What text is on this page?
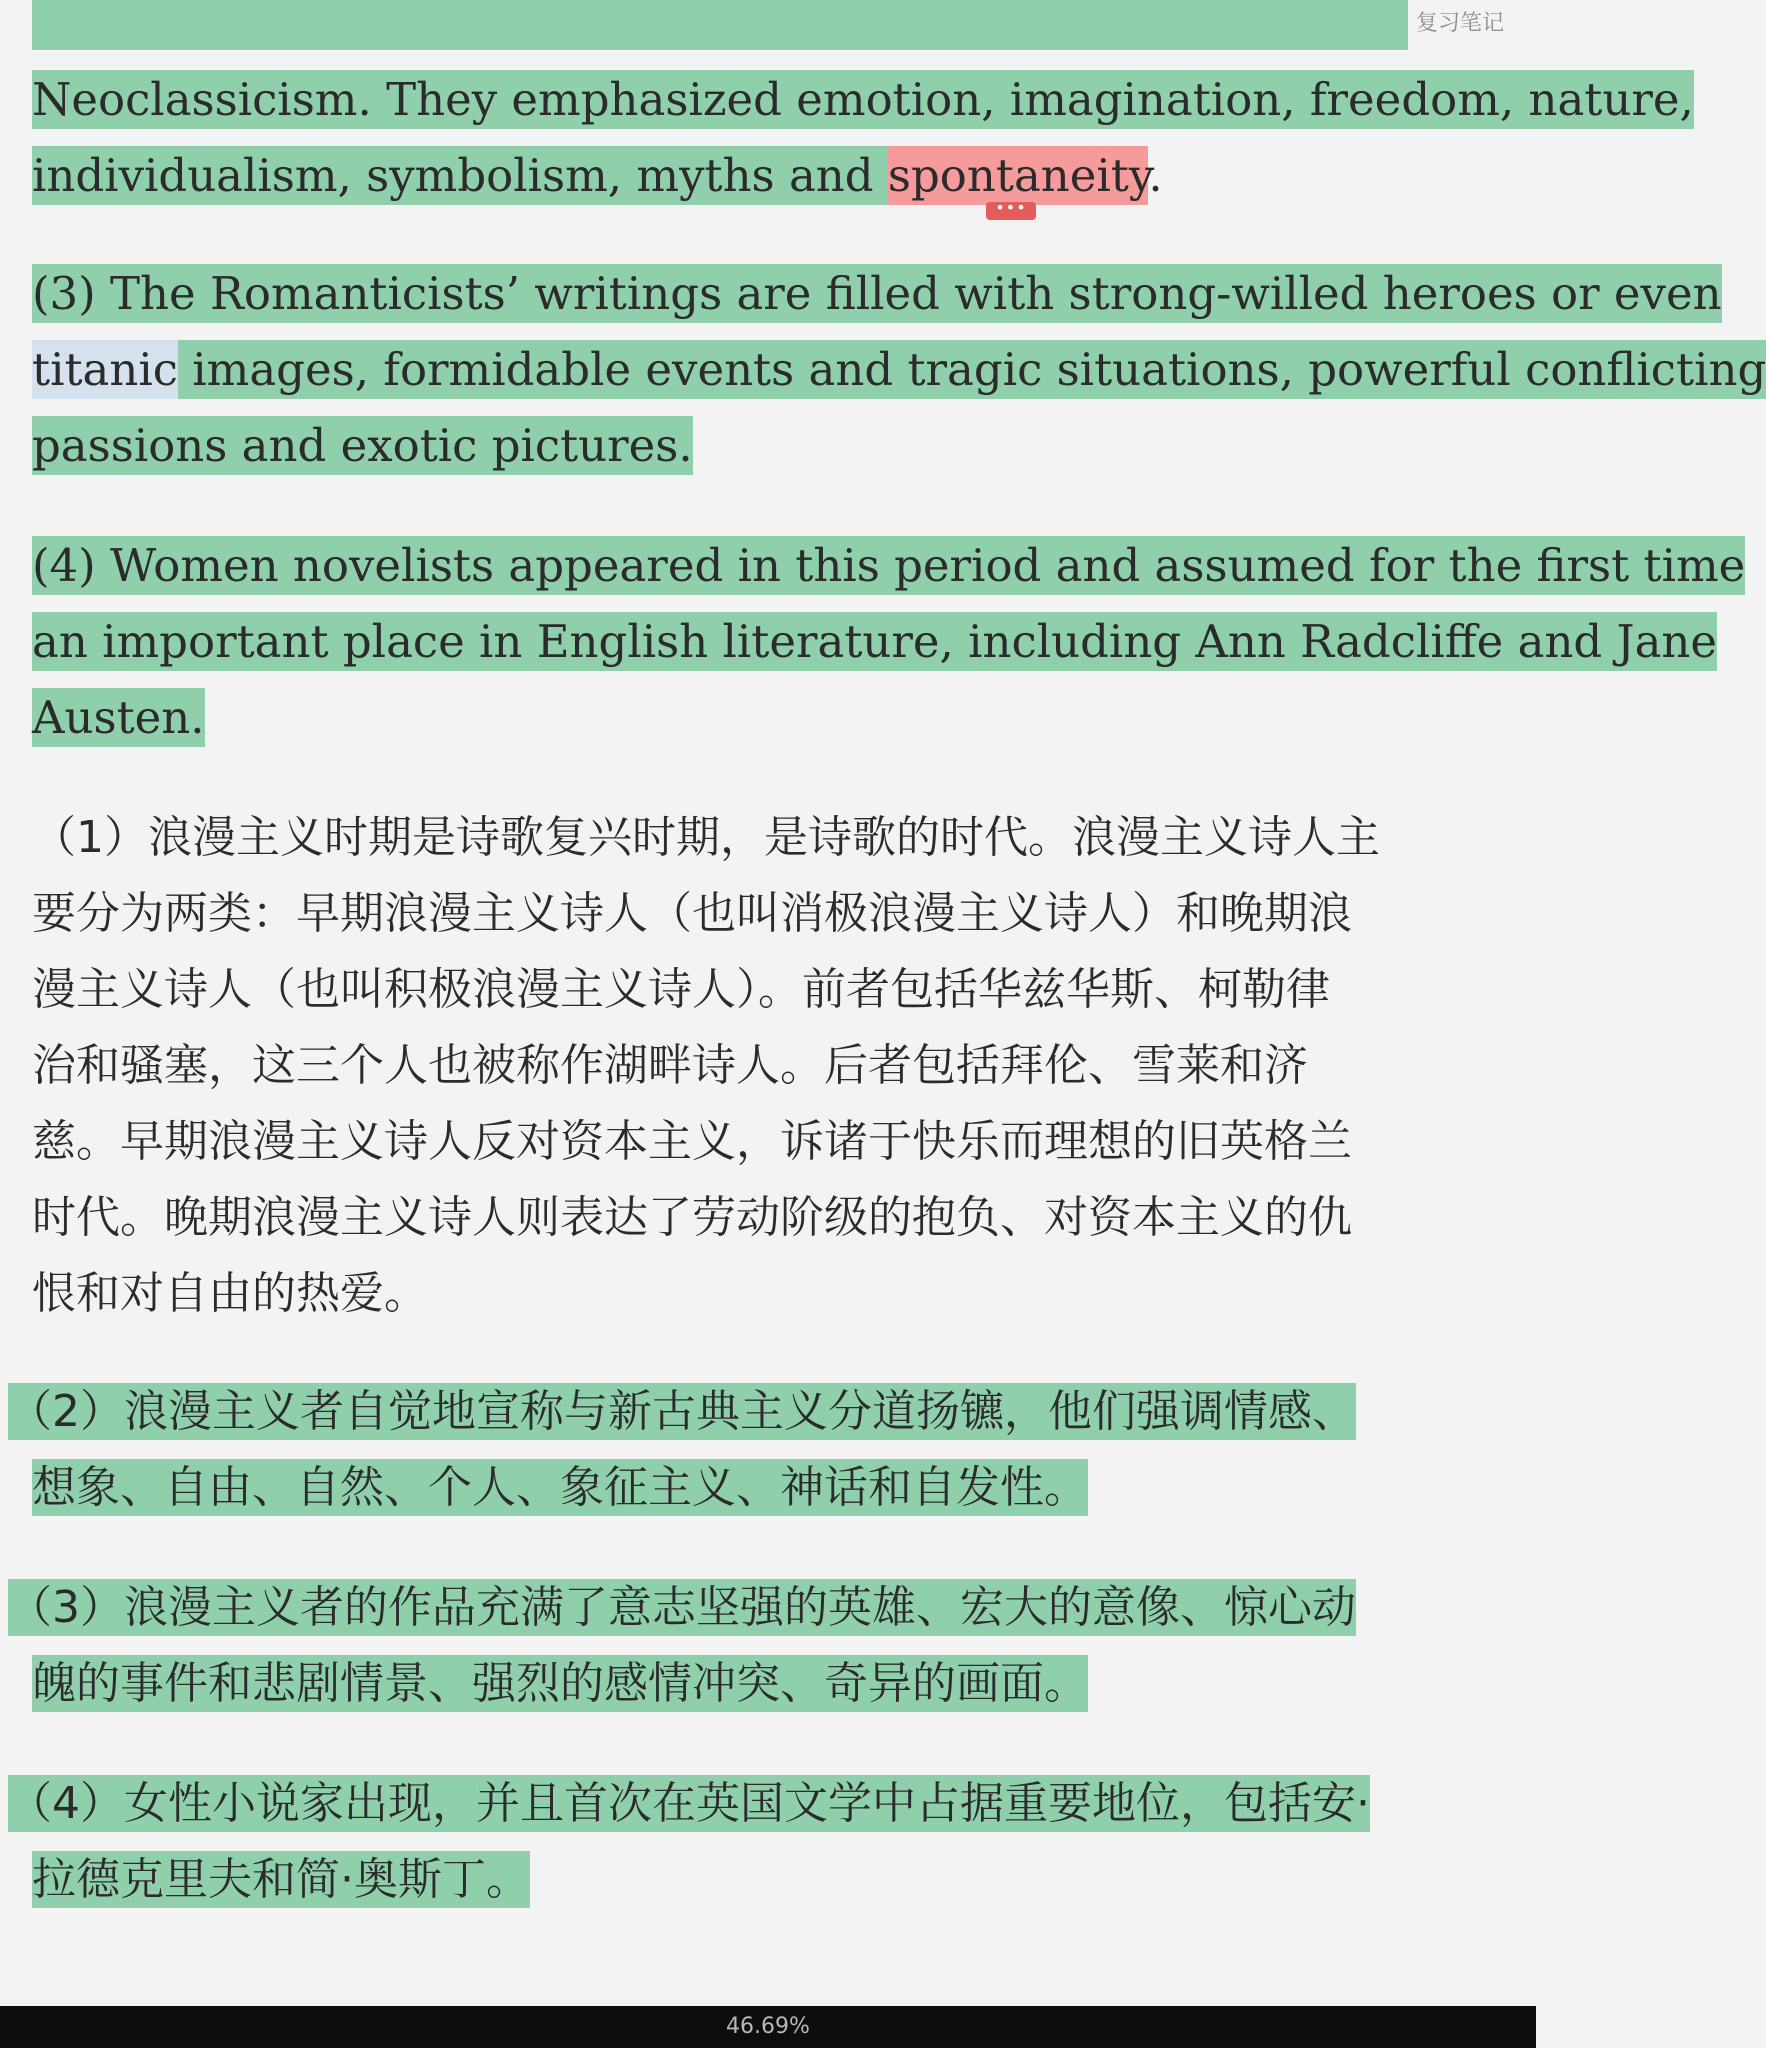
复习笔记
Neoclassicism. They emphasized emotion, imagination, freedom, nature,
individualism, symbolism, myths and spontaneity.
(3) The Romanticists’ writings are filled with strong-willed heroes or even
titanic images, formidable events and tragic situations, powerful conflicting
passions and exotic pictures.
(4) Women novelists appeared in this period and assumed for the first time
an important place in English literature, including Ann Radcliffe and Jane
Austen.
（1）浪漫主义时期是诗歌复兴时期，是诗歌的时代。浪漫主义诗人主
要分为两类：早期浪漫主义诗人（也叫消极浪漫主义诗人）和晚期浪
漫主义诗人（也叫积极浪漫主义诗人）。前者包括华兹华斯、柯勒律
治和骚塞，这三个人也被称作湖畔诗人。后者包括拜伦、雪莱和济
慈。早期浪漫主义诗人反对资本主义，诉诸于快乐而理想的旧英格兰
时代。晚期浪漫主义诗人则表达了劳动阶级的抱负、对资本主义的仇
恨和对自由的热爱。
（2）浪漫主义者自觉地宣称与新古典主义分道扬镳，他们强调情感、
想象、自由、自然、个人、象征主义、神话和自发性。
（3）浪漫主义者的作品充满了意志坚强的英雄、宏大的意像、惊心动
魄的事件和悲剧情景、强烈的感情冲突、奇异的画面。
（4）女性小说家出现，并且首次在英国文学中占据重要地位，包括安·
拉德克里夫和简·奥斯丁。
•••
46.69%
